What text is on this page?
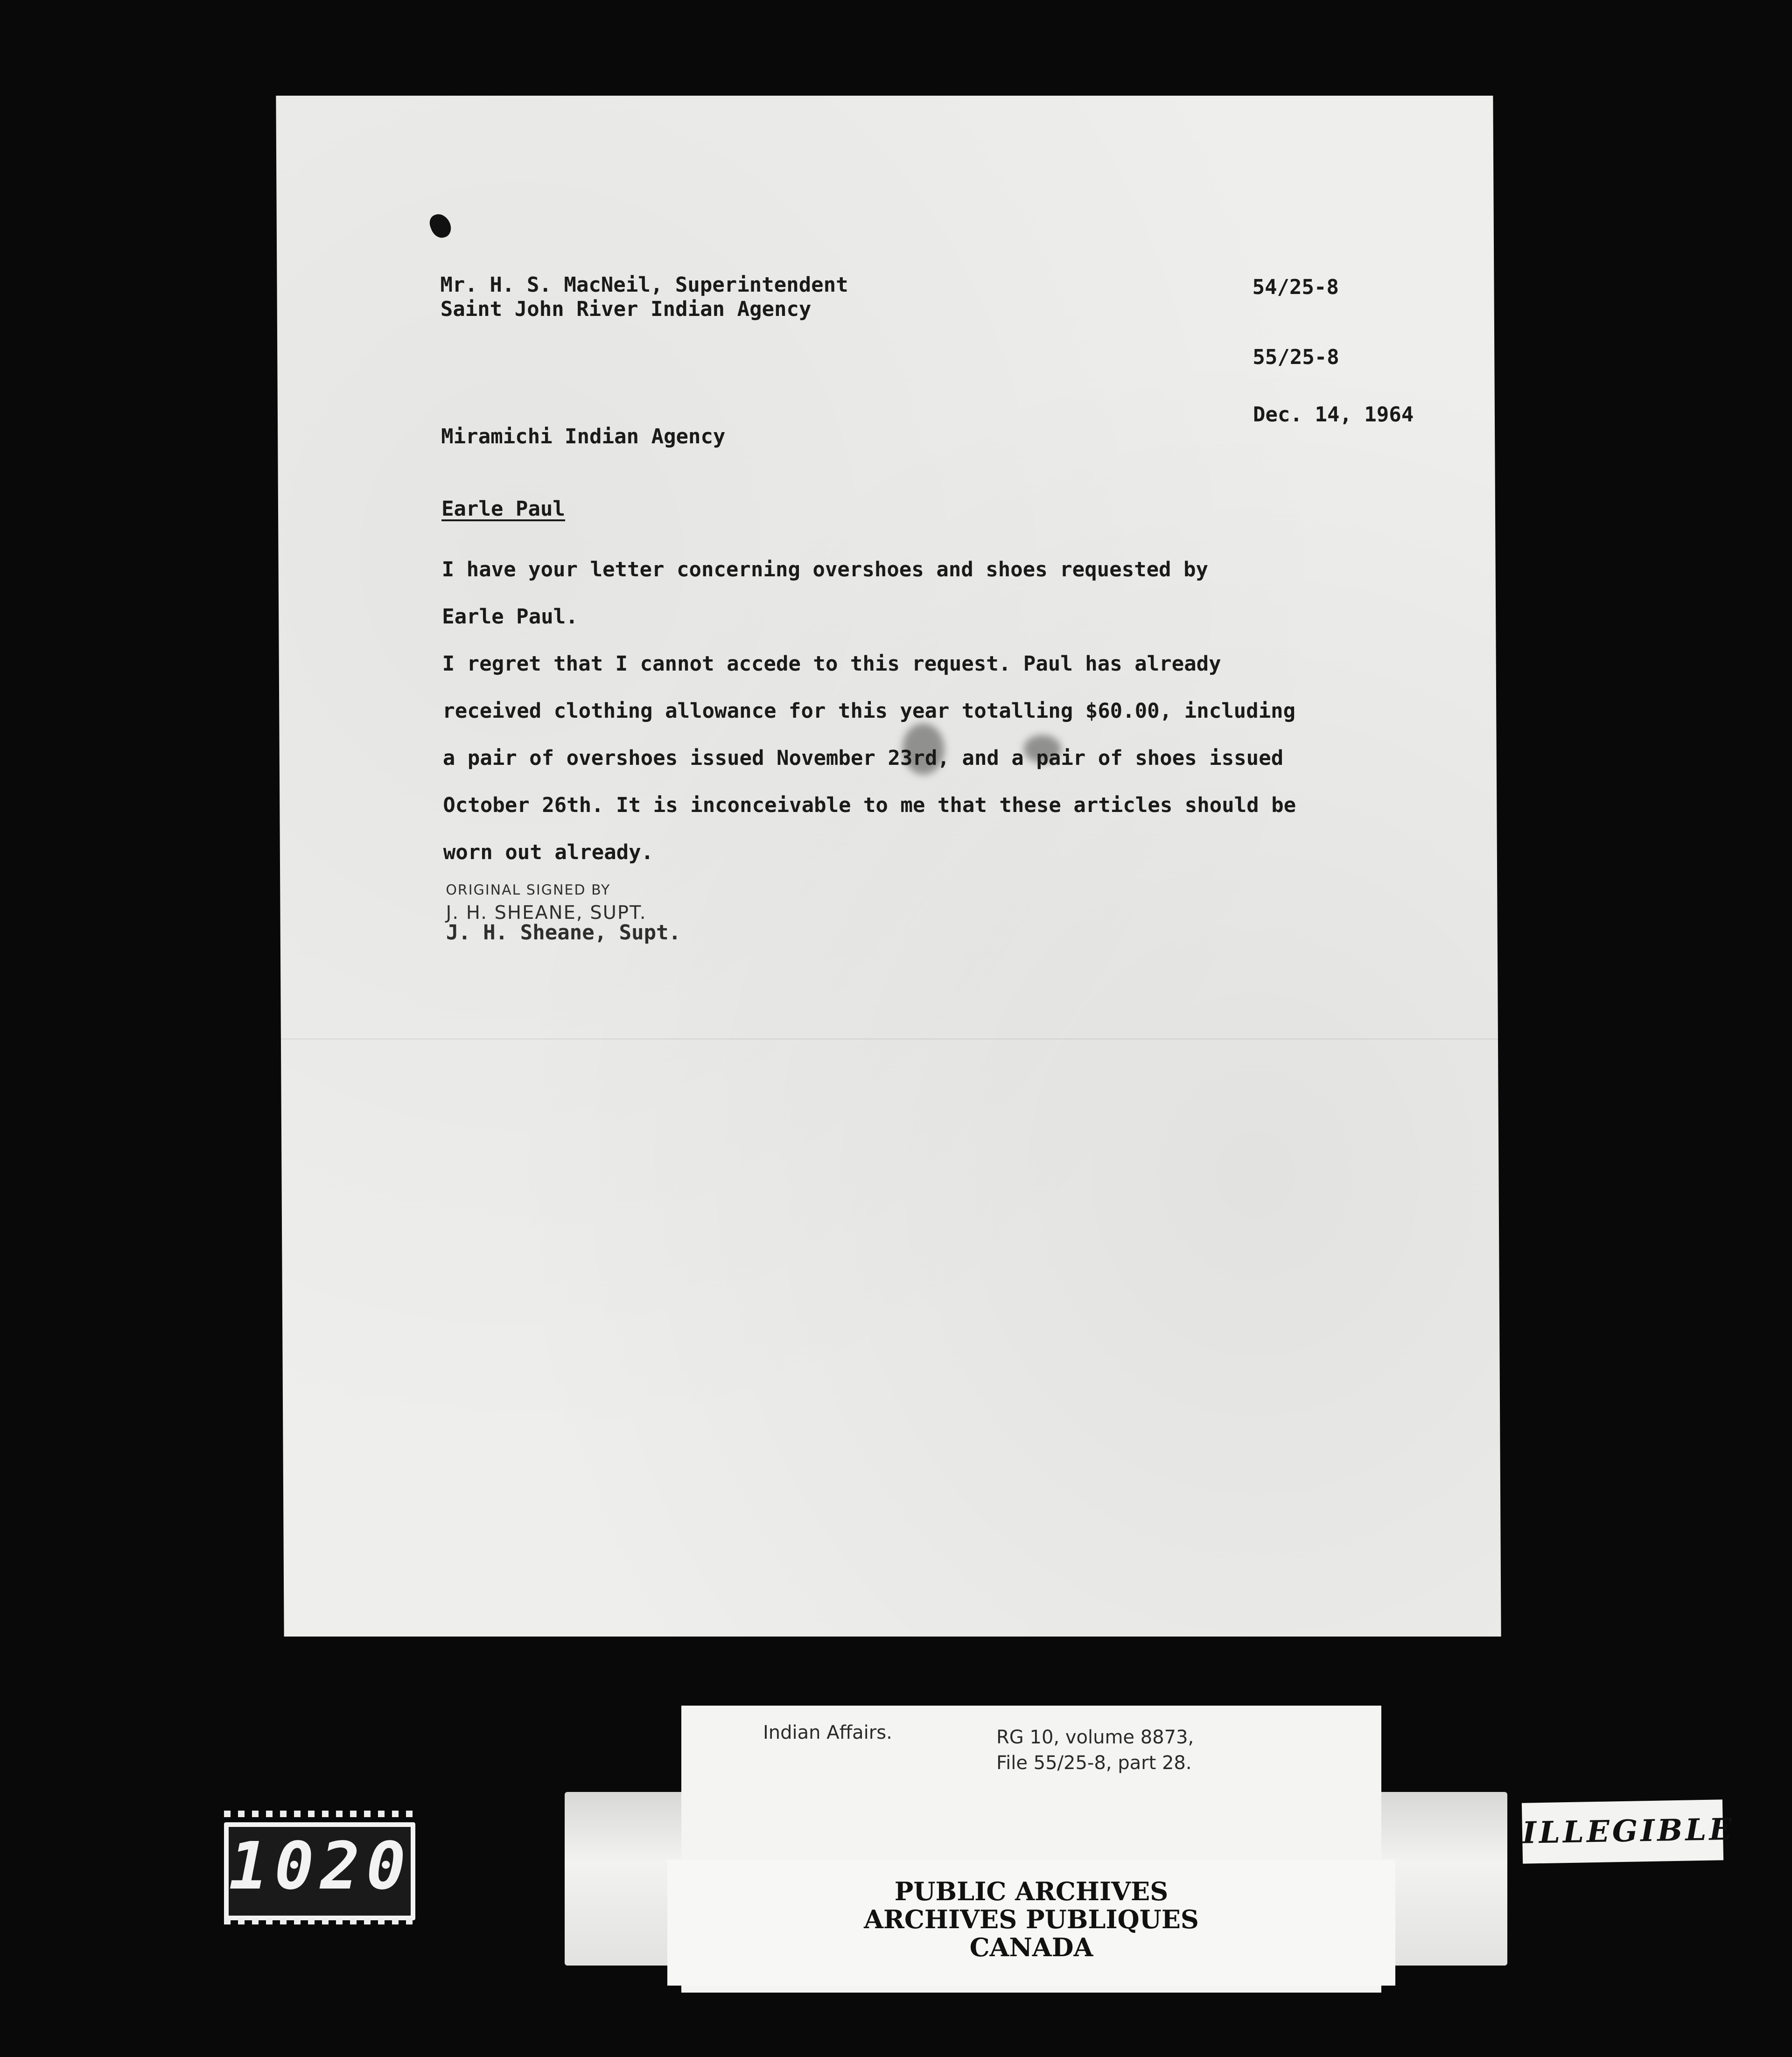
Mr. H. S. MacNeil, Superintendent
Saint John River Indian Agency
54/25-8
55/25-8
Dec. 14, 1964
Miramichi Indian Agency
Earle Paul

I have your letter concerning overshoes and shoes requested by

Earle Paul.

I regret that I cannot accede to this request. Paul has already

received clothing allowance for this year totalling $60.00, including

a pair of overshoes issued November 23rd, and a pair of shoes issued

October 26th. It is inconceivable to me that these articles should be

worn out already.

ORIGINAL SIGNED BY
J. H. SHEANE, SUPT.
J. H. Sheane, Supt.
Indian Affairs.	RG 10, volume 8873,
File 55/25-8, part 28.
PUBLIC ARCHIVES
ARCHIVES PUBLIQUES
CANADA
1020	ILLEGIBLE
